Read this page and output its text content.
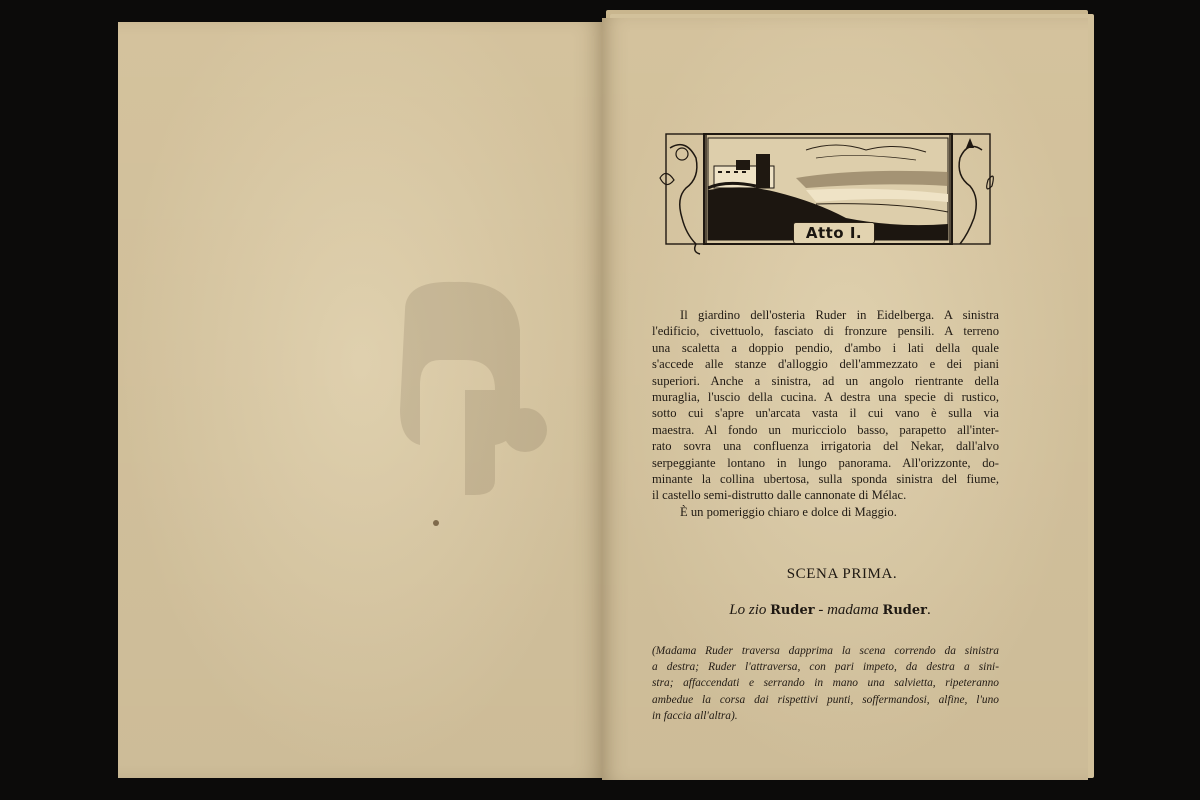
Atto I.
Il giardino dell'osteria Ruder in Eidelberga. A sinistra
l'edificio, civettuolo, fasciato di fronzure pensili. A terreno
una scaletta a doppio pendio, d'ambo i lati della quale
s'accede alle stanze d'alloggio dell'ammezzato e dei piani
superiori. Anche a sinistra, ad un angolo rientrante della
muraglia, l'uscio della cucina. A destra una specie di rustico,
sotto cui s'apre un'arcata vasta il cui vano è sulla via
maestra. Al fondo un muricciolo basso, parapetto all'inter-
rato sovra una confluenza irrigatoria del Nekar, dall'alvo
serpeggiante lontano in lungo panorama. All'orizzonte, do-
minante la collina ubertosa, sulla sponda sinistra del fiume,
il castello semi-distrutto dalle cannonate di Mélac.
È un pomeriggio chiaro e dolce di Maggio.
SCENA PRIMA.
Lo zio Ruder - madama Ruder.
(Madama Ruder traversa dapprima la scena correndo da sinistra
a destra; Ruder l'attraversa, con pari impeto, da destra a sini-
stra; affaccendati e serrando in mano una salvietta, ripeteranno
ambedue la corsa dai rispettivi punti, soffermandosi, alfine, l'uno
in faccia all'altra).
